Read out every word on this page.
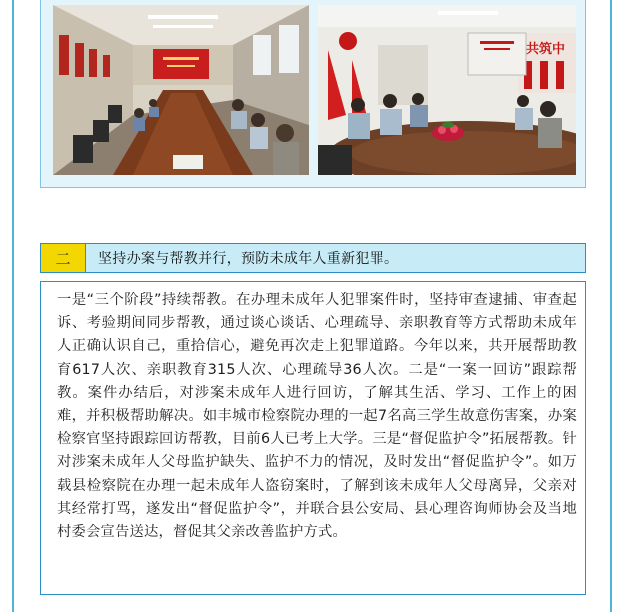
共筑中
二	坚持办案与帮教并行，预防未成年人重新犯罪。

一是“三个阶段”持续帮教。在办理未成年人犯罪案件时，坚持审查逮捕、审查起诉、考验期间同步帮教，通过谈心谈话、心理疏导、亲职教育等方式帮助未成年人正确认识自己，重拾信心，避免再次走上犯罪道路。今年以来，共开展帮助教育617人次、亲职教育315人次、心理疏导36人次。二是“一案一回访”跟踪帮教。案件办结后，对涉案未成年人进行回访，了解其生活、学习、工作上的困难，并积极帮助解决。如丰城市检察院办理的一起7名高三学生故意伤害案，办案检察官坚持跟踪回访帮教，目前6人已考上大学。三是“督促监护令”拓展帮教。针对涉案未成年人父母监护缺失、监护不力的情况，及时发出“督促监护令”。如万载县检察院在办理一起未成年人盗窃案时，了解到该未成年人父母离异，父亲对其经常打骂，遂发出“督促监护令”，并联合县公安局、县心理咨询师协会及当地村委会宣告送达，督促其父亲改善监护方式。
